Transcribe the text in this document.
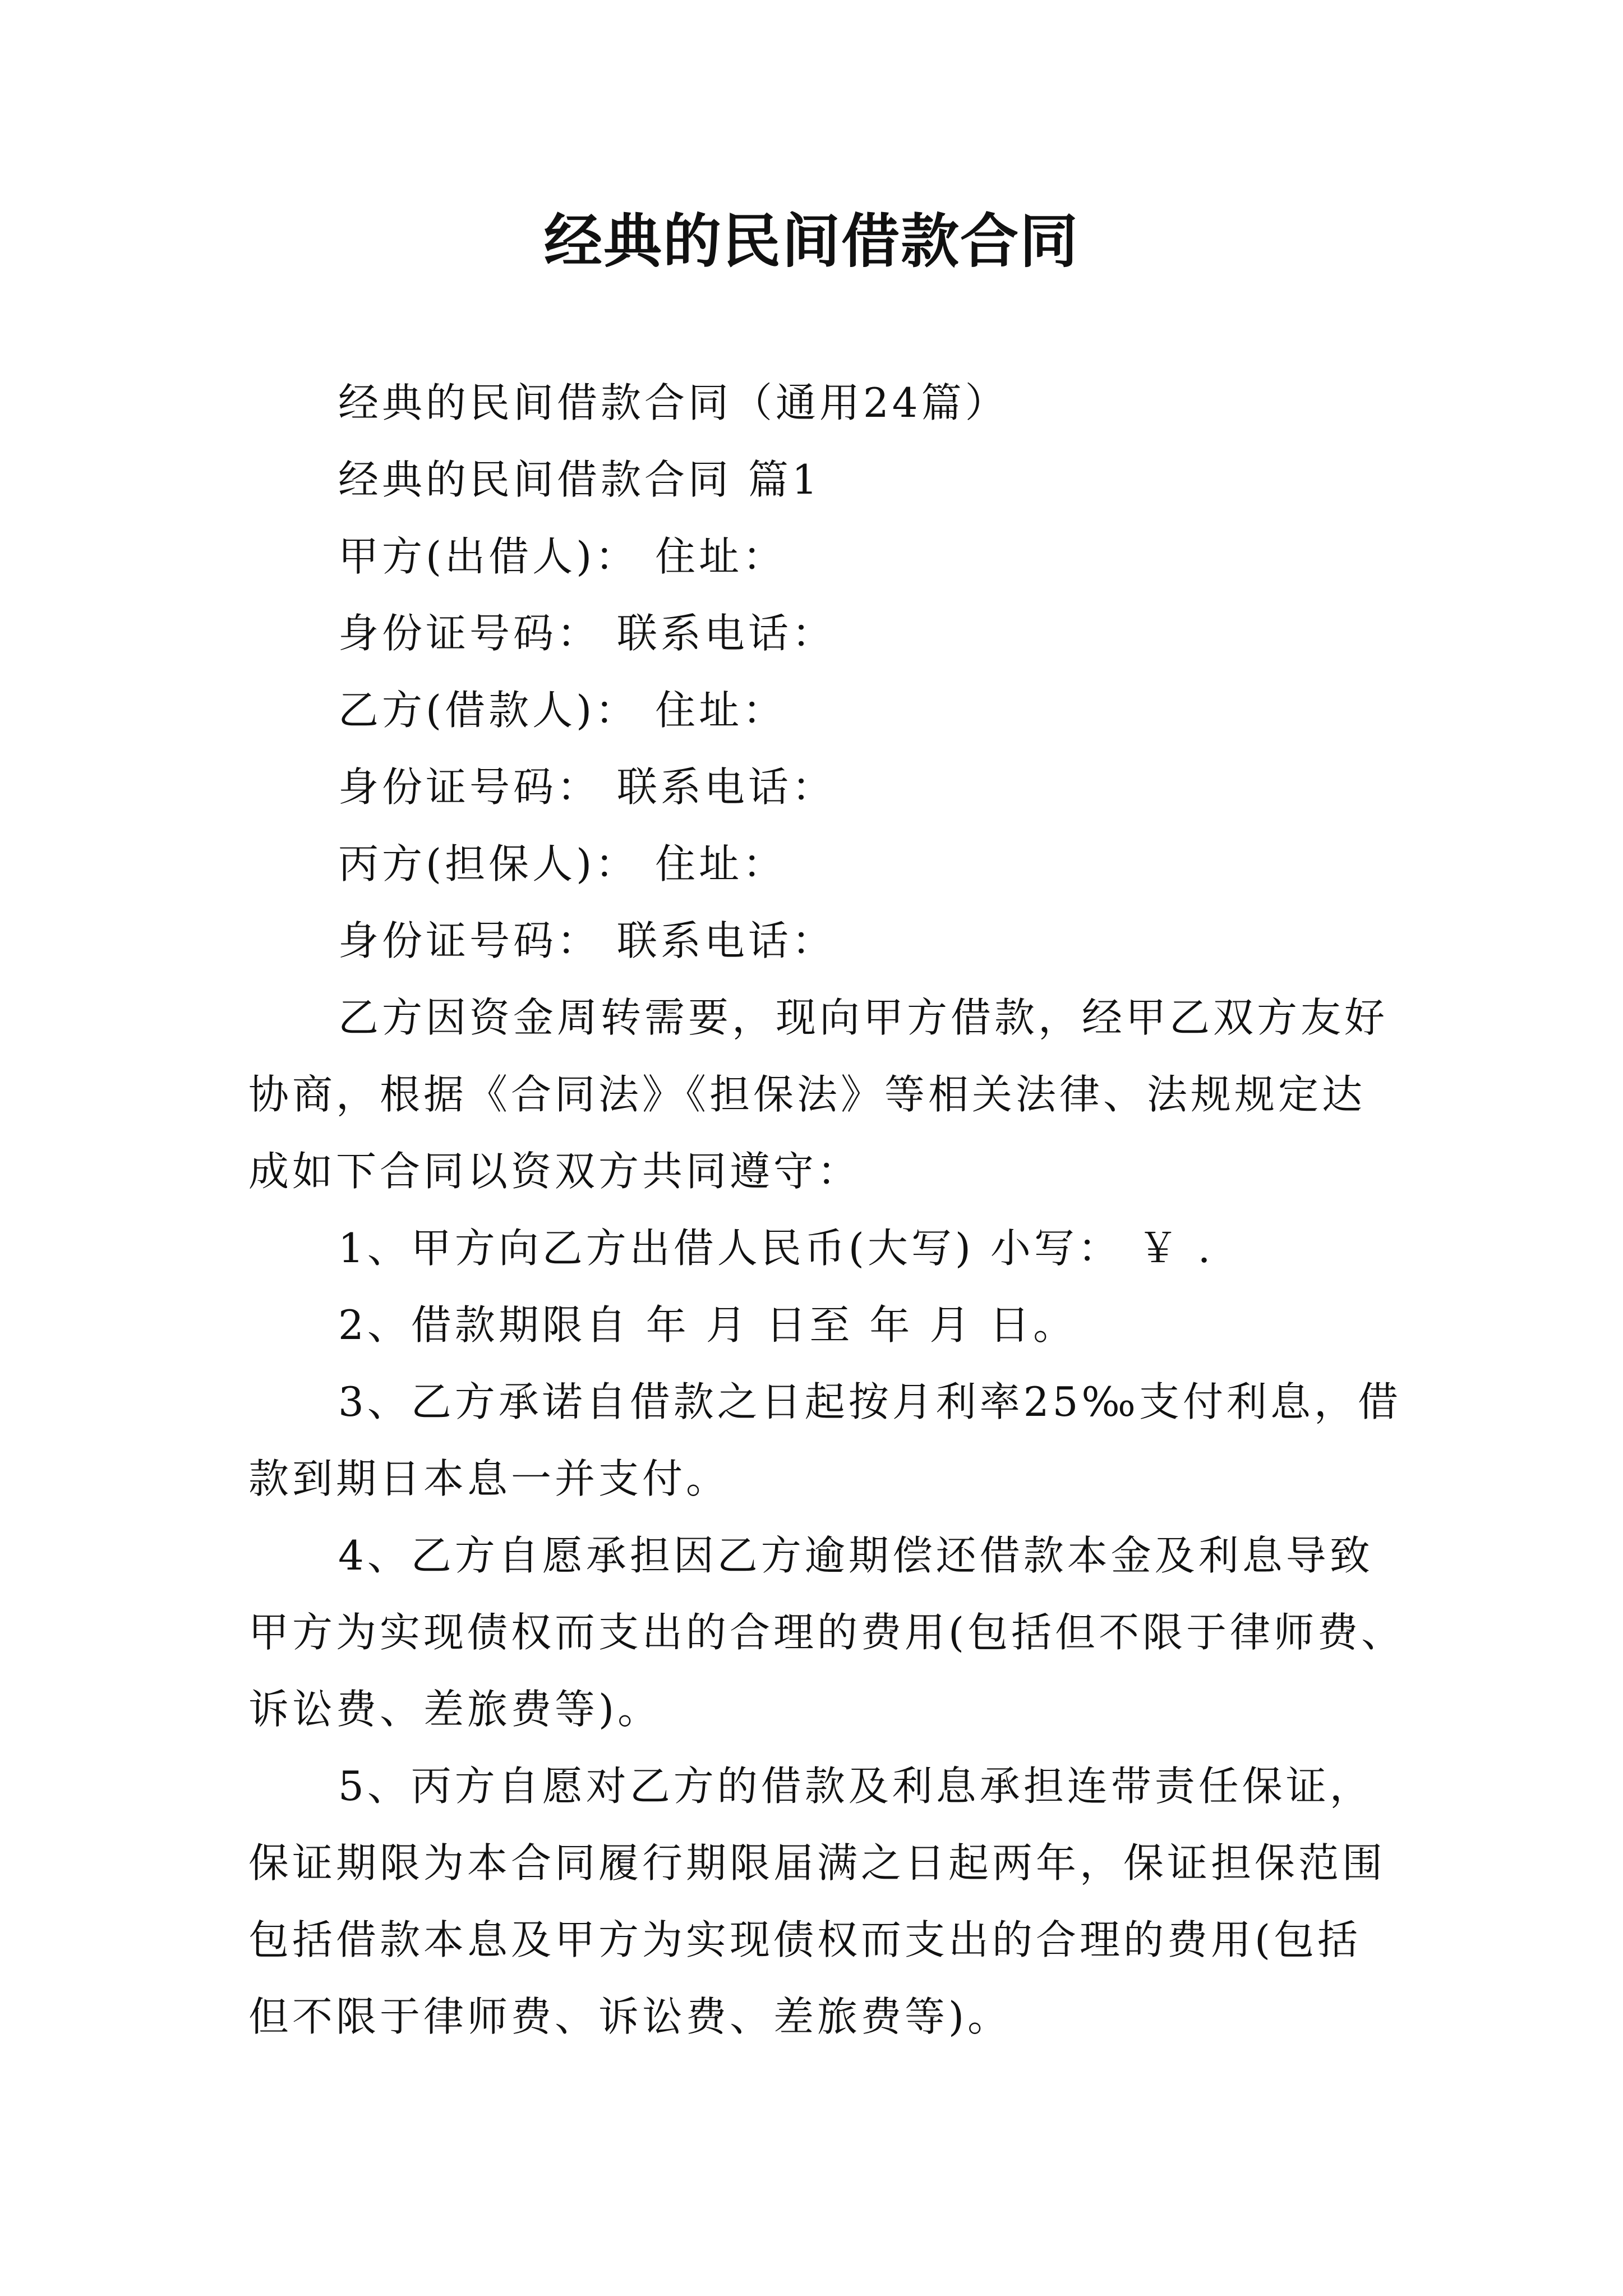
经典的民间借款合同
经典的民间借款合同（通用24篇）
经典的民间借款合同 篇1
甲方(出借人)： 住址：
身份证号码： 联系电话：
乙方(借款人)： 住址：
身份证号码： 联系电话：
丙方(担保人)： 住址：
身份证号码： 联系电话：
乙方因资金周转需要，现向甲方借款，经甲乙双方友好
协商，根据《合同法》《担保法》等相关法律、法规规定达
成如下合同以资双方共同遵守：
1、甲方向乙方出借人民币(大写) 小写： ￥ .
2、借款期限自 年 月 日至 年 月 日。
3、乙方承诺自借款之日起按月利率25‰支付利息，借
款到期日本息一并支付。
4、乙方自愿承担因乙方逾期偿还借款本金及利息导致
甲方为实现债权而支出的合理的费用(包括但不限于律师费、
诉讼费、差旅费等)。
5、丙方自愿对乙方的借款及利息承担连带责任保证，
保证期限为本合同履行期限届满之日起两年，保证担保范围
包括借款本息及甲方为实现债权而支出的合理的费用(包括
但不限于律师费、诉讼费、差旅费等)。
